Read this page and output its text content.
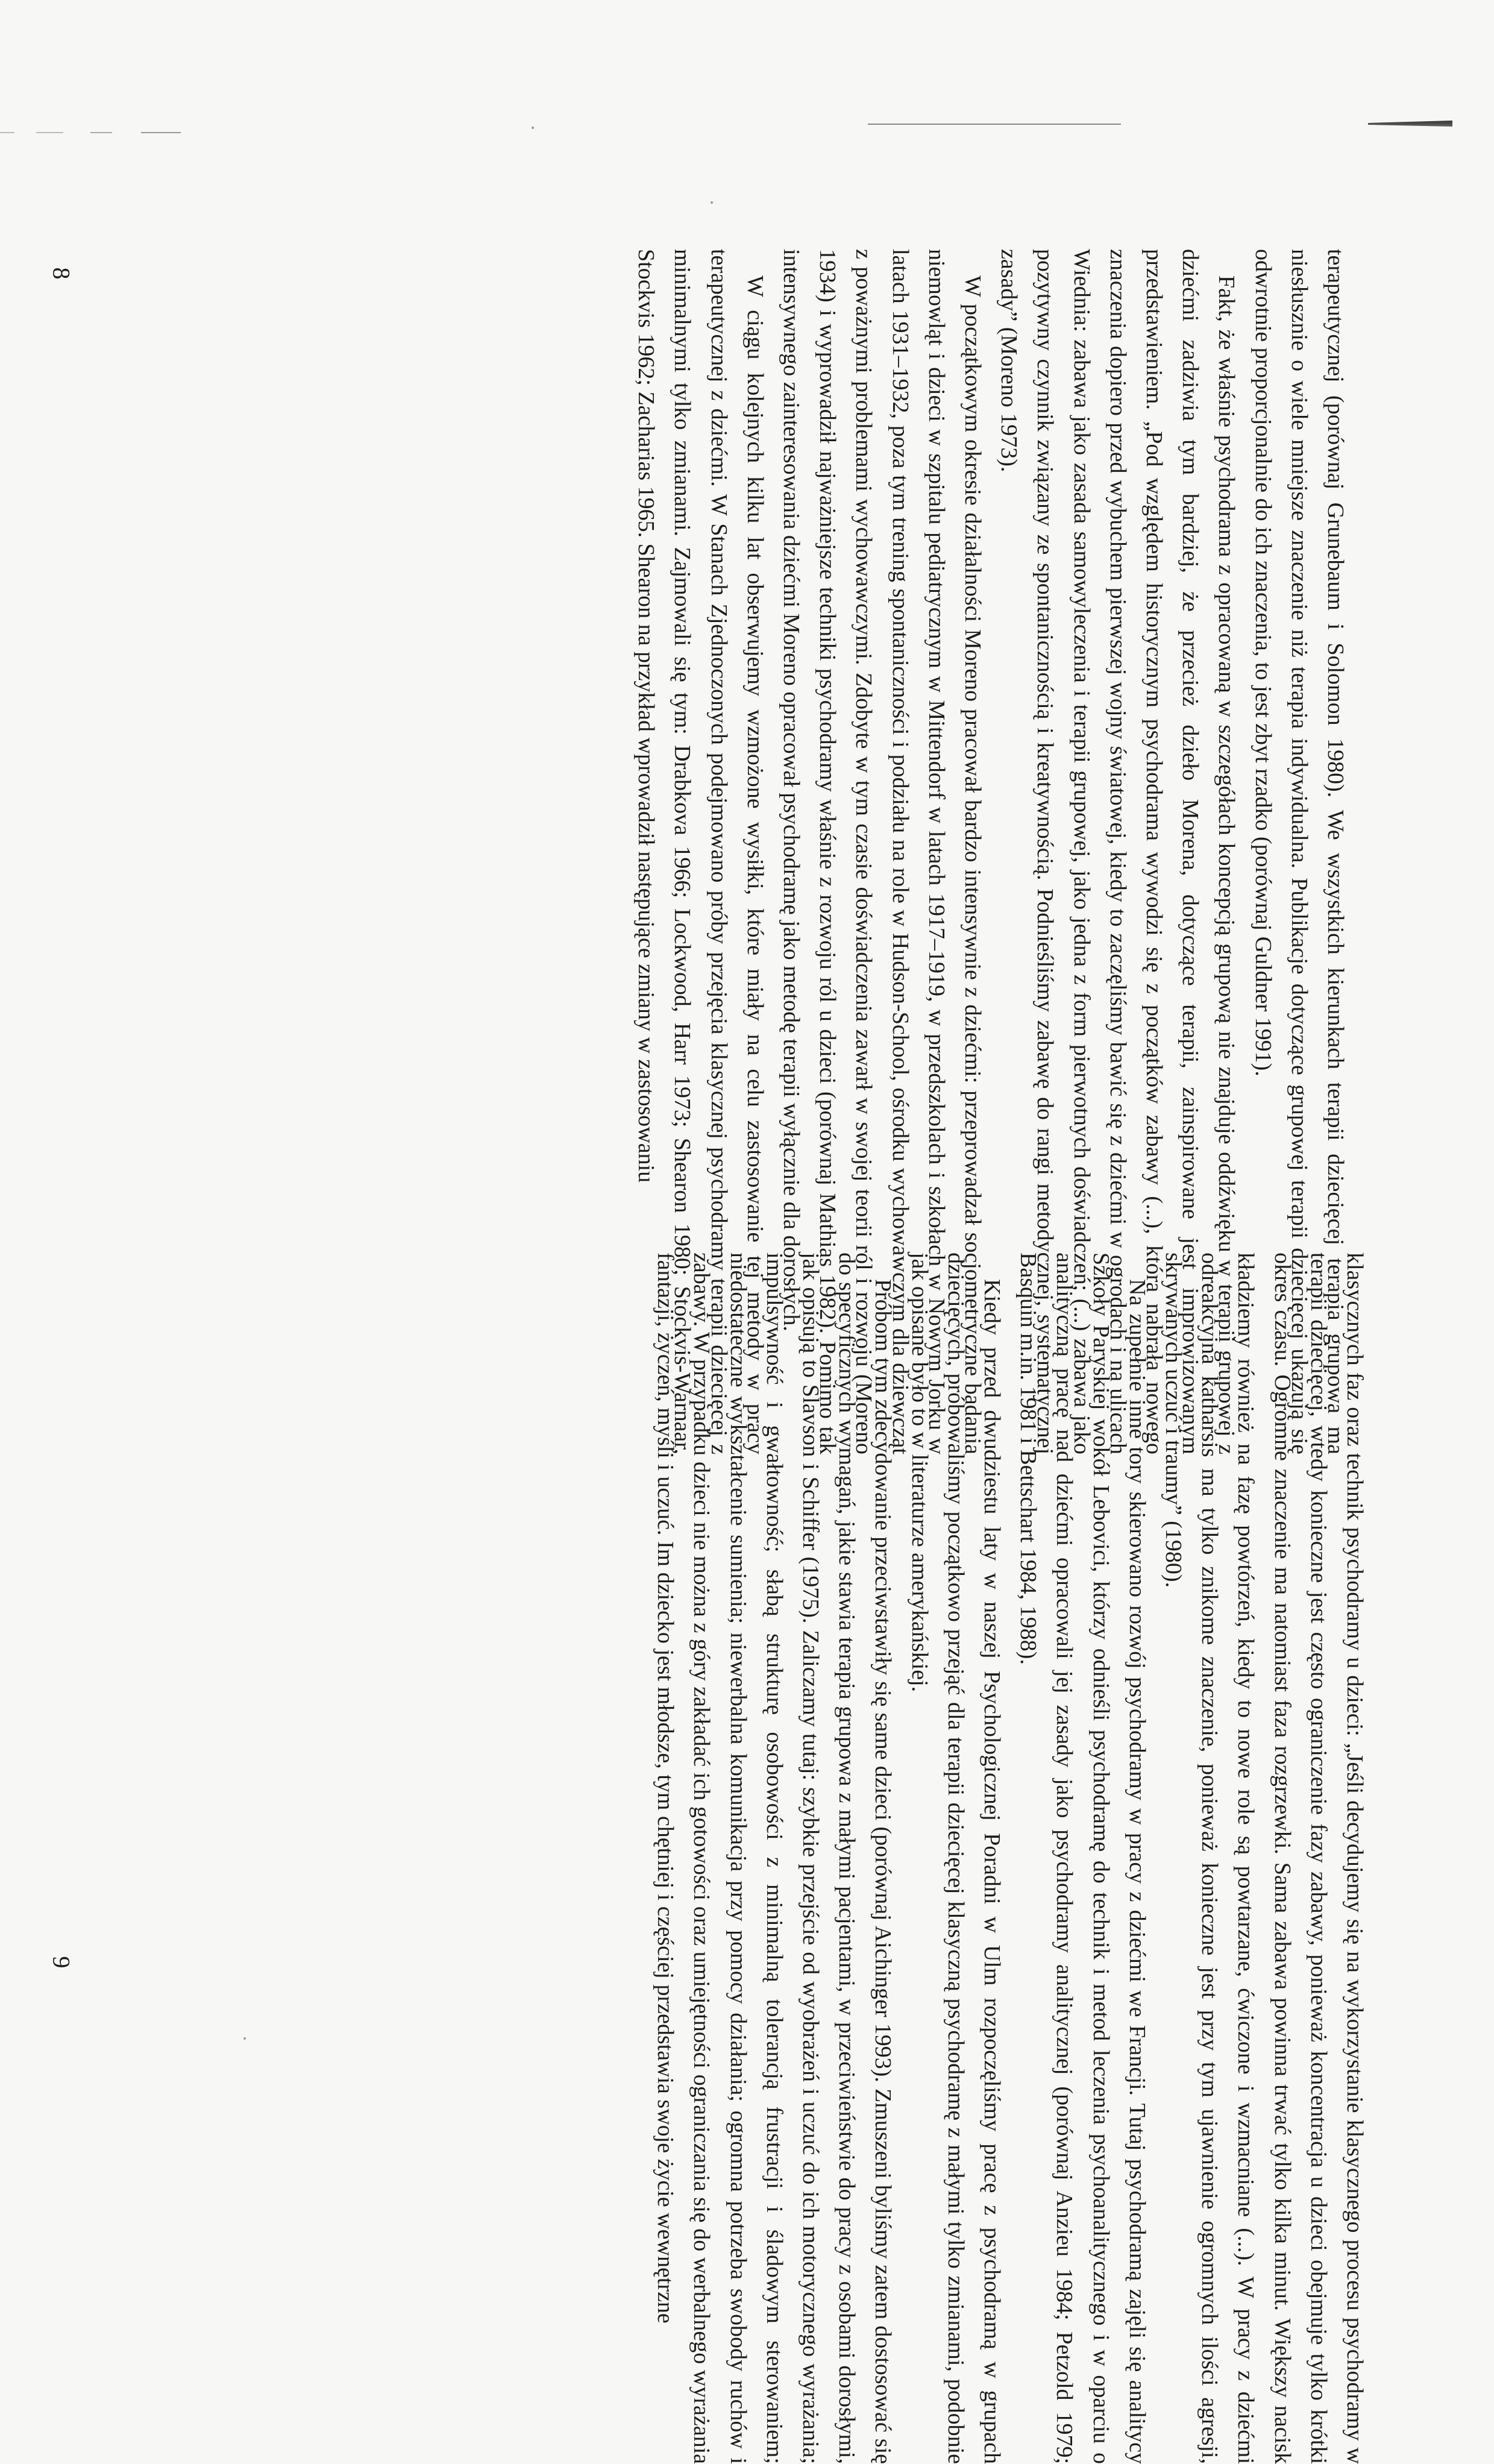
terapeutycznej (porównaj Grunebaum i Solomon 1980). We wszystkich kierunkach terapii dziecięcej terapia grupowa ma niesłusznie o wiele mniejsze znaczenie niż terapia indywidualna. Publikacje dotyczące grupowej terapii dziecięcej ukazują się odwrotnie proporcjonalnie do ich znaczenia, to jest zbyt rzadko (porównaj Guldner 1991).

Fakt, że właśnie psychodrama z opracowaną w szczegółach koncepcją grupową nie znajduje oddźwięku w terapii grupowej z dziećmi zadziwia tym bardziej, że przecież dzieło Morena, dotyczące terapii, zainspirowane jest improwizowanym przedstawieniem. „Pod względem historycznym psychodrama wywodzi się z początków zabawy (...), która nabrała nowego znaczenia dopiero przed wybuchem pierwszej wojny światowej, kiedy to zaczęliśmy bawić się z dziećmi w ogrodach i na ulicach Wiednia: zabawa jako zasada samowyleczenia i terapii grupowej, jako jedna z form pierwotnych doświadczeń; (...) zabawa jako pozytywny czynnik związany ze spontanicznością i kreatywnością. Podnieśliśmy zabawę do rangi metodycznej, systematycznej zasady” (Moreno 1973).

W początkowym okresie działalności Moreno pracował bardzo intensywnie z dziećmi: przeprowadzał socjometryczne badania niemowląt i dzieci w szpitalu pediatrycznym w Mittendorf w latach 1917–1919, w przedszkolach i szkołach w Nowym Jorku w latach 1931–1932, poza tym trening spontaniczności i podziału na role w Hudson-School, ośrodku wychowawczym dla dziewcząt z poważnymi problemami wychowawczymi. Zdobyte w tym czasie doświadczenia zawarł w swojej teorii ról i rozwoju (Moreno 1934) i wyprowadził najważniejsze techniki psychodramy właśnie z rozwoju ról u dzieci (porównaj Mathias 1982). Pomimo tak intensywnego zainteresowania dziećmi Moreno opracował psychodramę jako metodę terapii wyłącznie dla dorosłych.

W ciągu kolejnych kilku lat obserwujemy wzmożone wysiłki, które miały na celu zastosowanie tej metody w pracy terapeutycznej z dziećmi. W Stanach Zjednoczonych podejmowano próby przejęcia klasycznej psychodramy terapii dziecięcej z minimalnymi tylko zmianami. Zajmowali się tym: Drabkova 1966; Lockwood, Harr 1973; Shearon 1980; Stockvis-Warnaar, Stockvis 1962; Zacharias 1965. Shearon na przykład wprowadził następujące zmiany w zastosowaniu

klasycznych faz oraz technik psychodramy u dzieci: „Jeśli decydujemy się na wykorzystanie klasycznego procesu psychodramy w terapii dziecięcej, wtedy konieczne jest często ograniczenie fazy zabawy, ponieważ koncentracja u dzieci obejmuje tylko krótki okres czasu. Ogromne znaczenie ma natomiast faza rozgrzewki. Sama zabawa powinna trwać tylko kilka minut. Większy nacisk kładziemy również na fazę powtórzeń, kiedy to nowe role są powtarzane, ćwiczone i wzmacniane (...). W pracy z dziećmi odreakcyjna katharsis ma tylko znikome znaczenie, ponieważ konieczne jest przy tym ujawnienie ogromnych ilości agresji, skrywanych uczuć i traumy” (1980).

Na zupełnie inne tory skierowano rozwój psychodramy w pracy z dziećmi we Francji. Tutaj psychodramą zajęli się analitycy Szkoły Paryskiej wokół Lebovici, którzy odnieśli psychodramę do technik i metod leczenia psychoanalitycznego i w oparciu o analityczną pracę nad dziećmi opracowali jej zasady jako psychodramy analitycznej (porównaj Anzieu 1984; Petzold 1979; Basquin m.in. 1981 i Bettschart 1984, 1988).

Kiedy przed dwudziestu laty w naszej Psychologicznej Poradni w Ulm rozpoczęliśmy pracę z psychodramą w grupach dziecięcych, próbowaliśmy początkowo przejąć dla terapii dziecięcej klasyczną psychodramę z małymi tylko zmianami, podobnie jak opisane było to w literaturze amerykańskiej.

Próbom tym zdecydowanie przeciwstawiły się same dzieci (porównaj Aichinger 1993). Zmuszeni byliśmy zatem dostosować się do specyficznych wymagań, jakie stawia terapia grupowa z małymi pacjentami, w przeciwieństwie do pracy z osobami dorosłymi, jak opisują to Slavson i Schiffer (1975). Zaliczamy tutaj: szybkie przejście od wyobrażeń i uczuć do ich motorycznego wyrażania; impulsywność i gwałtowność; słabą strukturę osobowości z minimalną tolerancją frustracji i śladowym sterowaniem; niedostateczne wykształcenie sumienia; niewerbalna komunikacja przy pomocy działania; ogromna potrzeba swobody ruchów i zabawy. W przypadku dzieci nie można z góry zakładać ich gotowości oraz umiejętności ograniczania się do werbalnego wyrażania fantazji, życzeń, myśli i uczuć. Im dziecko jest młodsze, tym chętniej i częściej przedstawia swoje życie wewnętrzne

8
9
